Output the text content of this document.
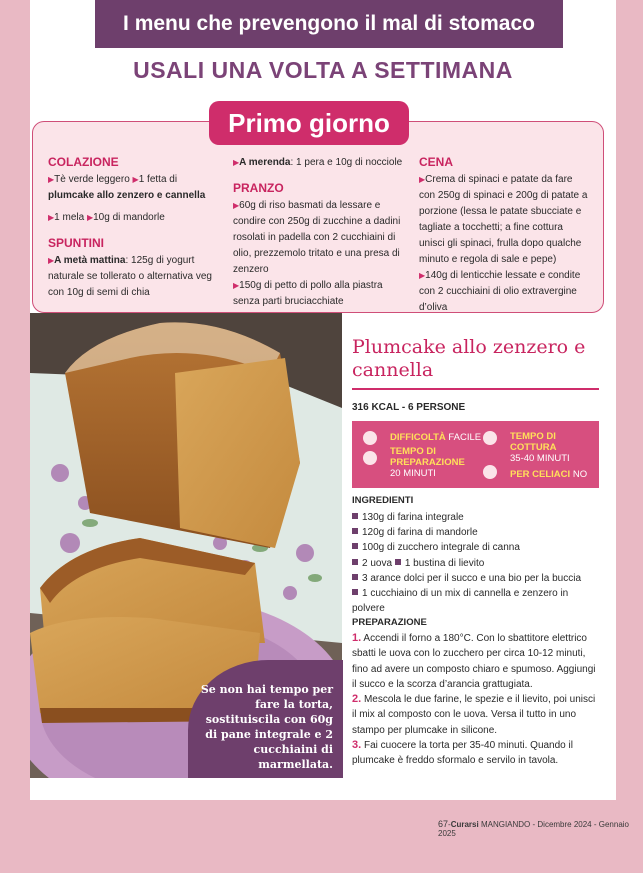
I menu che prevengono il mal di stomaco
USALI UNA VOLTA A SETTIMANA
Primo giorno
COLAZIONE

▶Tè verde leggero ▶1 fetta di plumcake allo zenzero e cannella

▶1 mela ▶10g di mandorle

SPUNTINI

▶A metà mattina: 125g di yogurt naturale se tollerato o alternativa veg con 10g di semi di chia

▶A merenda: 1 pera e 10g di nocciole

PRANZO

▶60g di riso basmati da lessare e condire con 250g di zucchine a dadini rosolati in padella con 2 cucchiaini di olio, prezzemolo tritato e una presa di zenzero

▶150g di petto di pollo alla piastra senza parti bruciacchiate

CENA

▶Crema di spinaci e patate da fare con 250g di spinaci e 200g di patate a porzione (lessa le patate sbucciate e tagliate a tocchetti; a fine cottura unisci gli spinaci, frulla dopo qualche minuto e regola di sale e pepe)

▶140g di lenticchie lessate e condite con 2 cucchiaini di olio extravergine d’oliva

Se non hai tempo per fare la torta, sostituiscila con 60g di pane integrale e 2 cucchiaini di marmellata.
Plumcake allo zenzero e cannella
316 KCAL - 6 PERSONE
DIFFICOLTÀ FACILE
TEMPO DI PREPARAZIONE
20 MINUTI
TEMPO DI COTTURA
35-40 MINUTI
PER CELIACI NO
INGREDIENTI
130g di farina integrale
120g di farina di mandorle
100g di zucchero integrale di canna
2 uova 1 bustina di lievito
3 arance dolci per il succo e una bio per la buccia
1 cucchiaino di un mix di cannella e zenzero in polvere
PREPARAZIONE
1. Accendi il forno a 180°C. Con lo sbattitore elettrico sbatti le uova con lo zucchero per circa 10-12 minuti, fino ad avere un composto chiaro e spumoso. Aggiungi il succo e la scorza d’arancia grattugiata.
2. Mescola le due farine, le spezie e il lievito, poi unisci il mix al composto con le uova. Versa il tutto in uno stampo per plumcake in silicone.
3. Fai cuocere la torta per 35-40 minuti. Quando il plumcake è freddo sformalo e servilo in tavola.
67-Curarsi MANGIANDO - Dicembre 2024 - Gennaio 2025
